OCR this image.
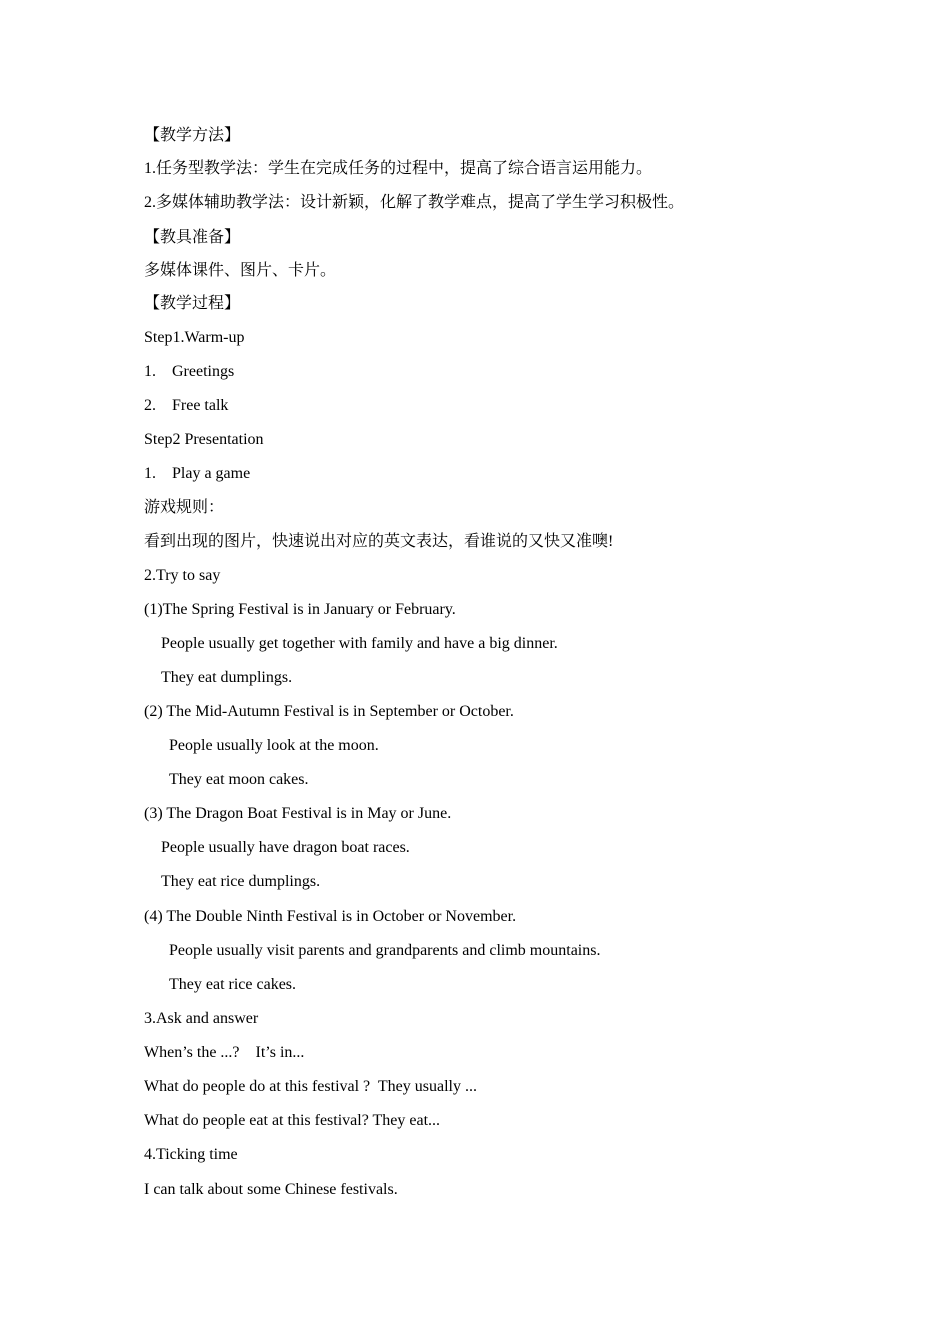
【教学方法】
1.任务型教学法：学生在完成任务的过程中，提高了综合语言运用能力。
2.多媒体辅助教学法：设计新颖，化解了教学难点，提高了学生学习积极性。
【教具准备】
多媒体课件、图片、卡片。
【教学过程】
Step1.Warm-up
1. Greetings
2. Free talk
Step2 Presentation
1. Play a game
游戏规则：
看到出现的图片，快速说出对应的英文表达，看谁说的又快又准噢!
2.Try to say
(1)The Spring Festival is in January or February.
People usually get together with family and have a big dinner.
They eat dumplings.
(2) The Mid-Autumn Festival is in September or October.
People usually look at the moon.
They eat moon cakes.
(3) The Dragon Boat Festival is in May or June.
People usually have dragon boat races.
They eat rice dumplings.
(4) The Double Ninth Festival is in October or November.
People usually visit parents and grandparents and climb mountains.
They eat rice cakes.
3.Ask and answer
When’s the ...?    It’s in...
What do people do at this festival ?  They usually ...
What do people eat at this festival? They eat...
4.Ticking time
I can talk about some Chinese festivals.
